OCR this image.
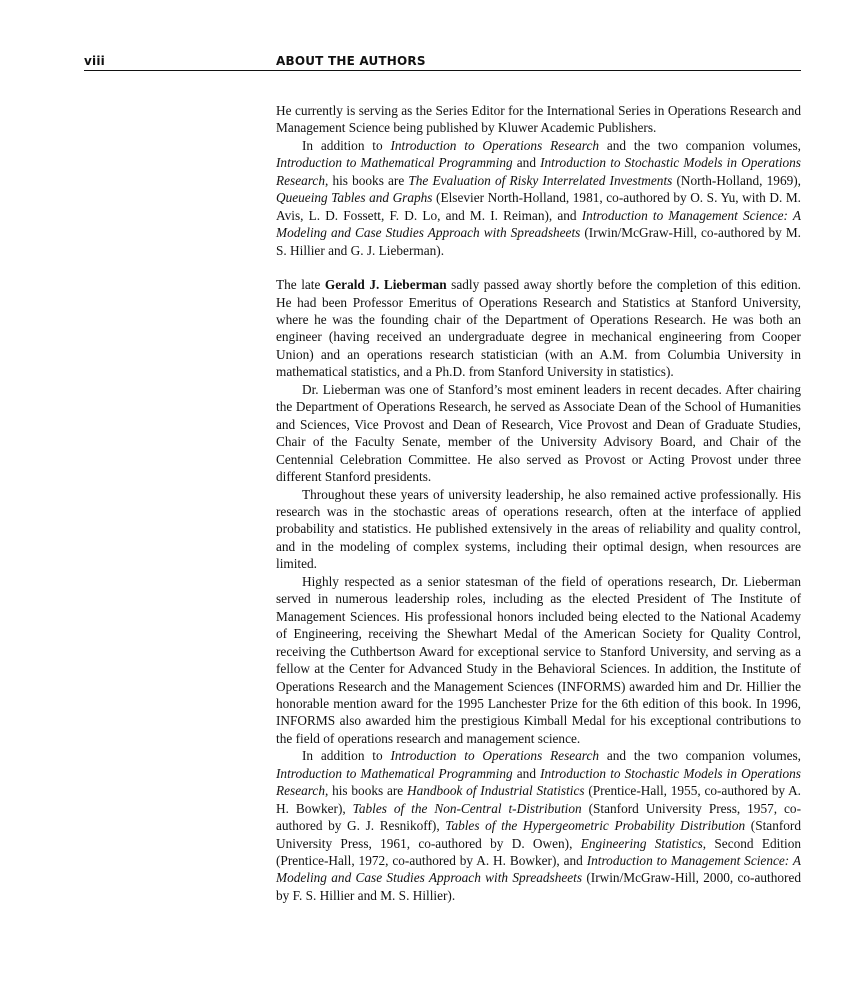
viii	ABOUT THE AUTHORS

He currently is serving as the Series Editor for the International Series in Operations Research and Management Science being published by Kluwer Academic Publishers.

In addition to Introduction to Operations Research and the two companion volumes, Introduction to Mathematical Programming and Introduction to Stochastic Models in Operations Research, his books are The Evaluation of Risky Interrelated Investments (North-Holland, 1969), Queueing Tables and Graphs (Elsevier North-Holland, 1981, co-authored by O. S. Yu, with D. M. Avis, L. D. Fossett, F. D. Lo, and M. I. Reiman), and Introduction to Management Science: A Modeling and Case Studies Approach with Spreadsheets (Irwin/McGraw-Hill, co-authored by M. S. Hillier and G. J. Lieberman).

The late Gerald J. Lieberman sadly passed away shortly before the completion of this edition. He had been Professor Emeritus of Operations Research and Statistics at Stanford University, where he was the founding chair of the Department of Operations Research. He was both an engineer (having received an undergraduate degree in mechanical engineering from Cooper Union) and an operations research statistician (with an A.M. from Columbia University in mathematical statistics, and a Ph.D. from Stanford University in statistics).

Dr. Lieberman was one of Stanford’s most eminent leaders in recent decades. After chairing the Department of Operations Research, he served as Associate Dean of the School of Humanities and Sciences, Vice Provost and Dean of Research, Vice Provost and Dean of Graduate Studies, Chair of the Faculty Senate, member of the University Advisory Board, and Chair of the Centennial Celebration Committee. He also served as Provost or Acting Provost under three different Stanford presidents.

Throughout these years of university leadership, he also remained active professionally. His research was in the stochastic areas of operations research, often at the interface of applied probability and statistics. He published extensively in the areas of reliability and quality control, and in the modeling of complex systems, including their optimal design, when resources are limited.

Highly respected as a senior statesman of the field of operations research, Dr. Lieberman served in numerous leadership roles, including as the elected President of The Institute of Management Sciences. His professional honors included being elected to the National Academy of Engineering, receiving the Shewhart Medal of the American Society for Quality Control, receiving the Cuthbertson Award for exceptional service to Stanford University, and serving as a fellow at the Center for Advanced Study in the Behavioral Sciences. In addition, the Institute of Operations Research and the Management Sciences (INFORMS) awarded him and Dr. Hillier the honorable mention award for the 1995 Lanchester Prize for the 6th edition of this book. In 1996, INFORMS also awarded him the prestigious Kimball Medal for his exceptional contributions to the field of operations research and management science.

In addition to Introduction to Operations Research and the two companion volumes, Introduction to Mathematical Programming and Introduction to Stochastic Models in Operations Research, his books are Handbook of Industrial Statistics (Prentice-Hall, 1955, co-authored by A. H. Bowker), Tables of the Non-Central t-Distribution (Stanford University Press, 1957, co-authored by G. J. Resnikoff), Tables of the Hypergeometric Probability Distribution (Stanford University Press, 1961, co-authored by D. Owen), Engineering Statistics, Second Edition (Prentice-Hall, 1972, co-authored by A. H. Bowker), and Introduction to Management Science: A Modeling and Case Studies Approach with Spreadsheets (Irwin/McGraw-Hill, 2000, co-authored by F. S. Hillier and M. S. Hillier).
